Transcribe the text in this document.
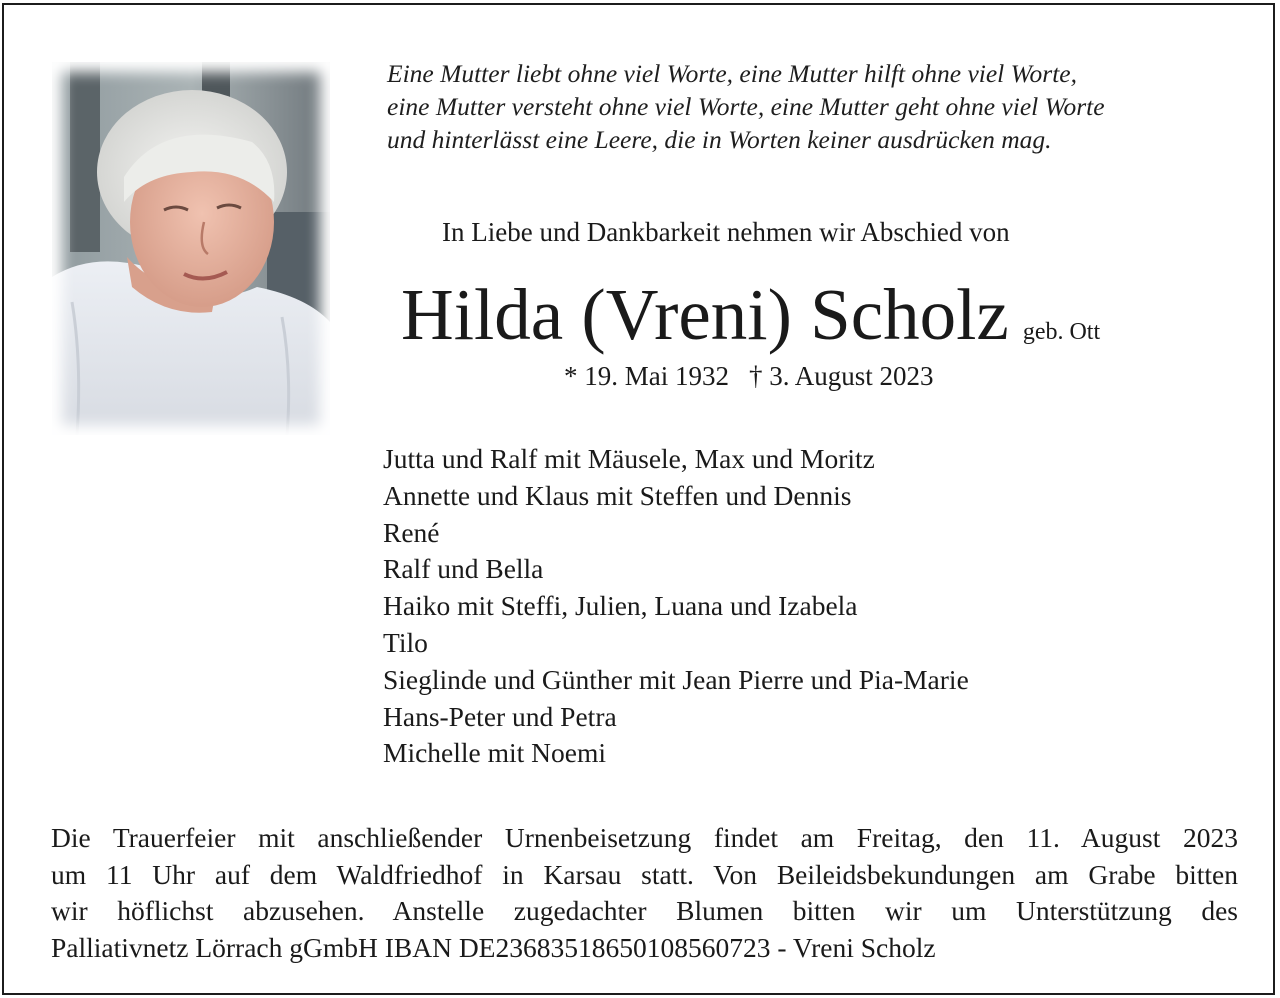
Eine Mutter liebt ohne viel Worte, eine Mutter hilft ohne viel Worte,
eine Mutter versteht ohne viel Worte, eine Mutter geht ohne viel Worte
und hinterlässt eine Leere, die in Worten keiner ausdrücken mag.
In Liebe und Dankbarkeit nehmen wir Abschied von
Hilda (Vreni) Scholz geb. Ott
* 19. Mai 1932 † 3. August 2023
Jutta und Ralf mit Mäusele, Max und Moritz
Annette und Klaus mit Steffen und Dennis
René
Ralf und Bella
Haiko mit Steffi, Julien, Luana und Izabela
Tilo
Sieglinde und Günther mit Jean Pierre und Pia-Marie
Hans-Peter und Petra
Michelle mit Noemi
Die Trauerfeier mit anschließender Urnenbeisetzung findet am Freitag, den 11. August 2023
um 11 Uhr auf dem Waldfriedhof in Karsau statt. Von Beileidsbekundungen am Grabe bitten
wir höflichst abzusehen. Anstelle zugedachter Blumen bitten wir um Unterstützung des
Palliativnetz Lörrach gGmbH IBAN DE23683518650108560723 - Vreni Scholz
